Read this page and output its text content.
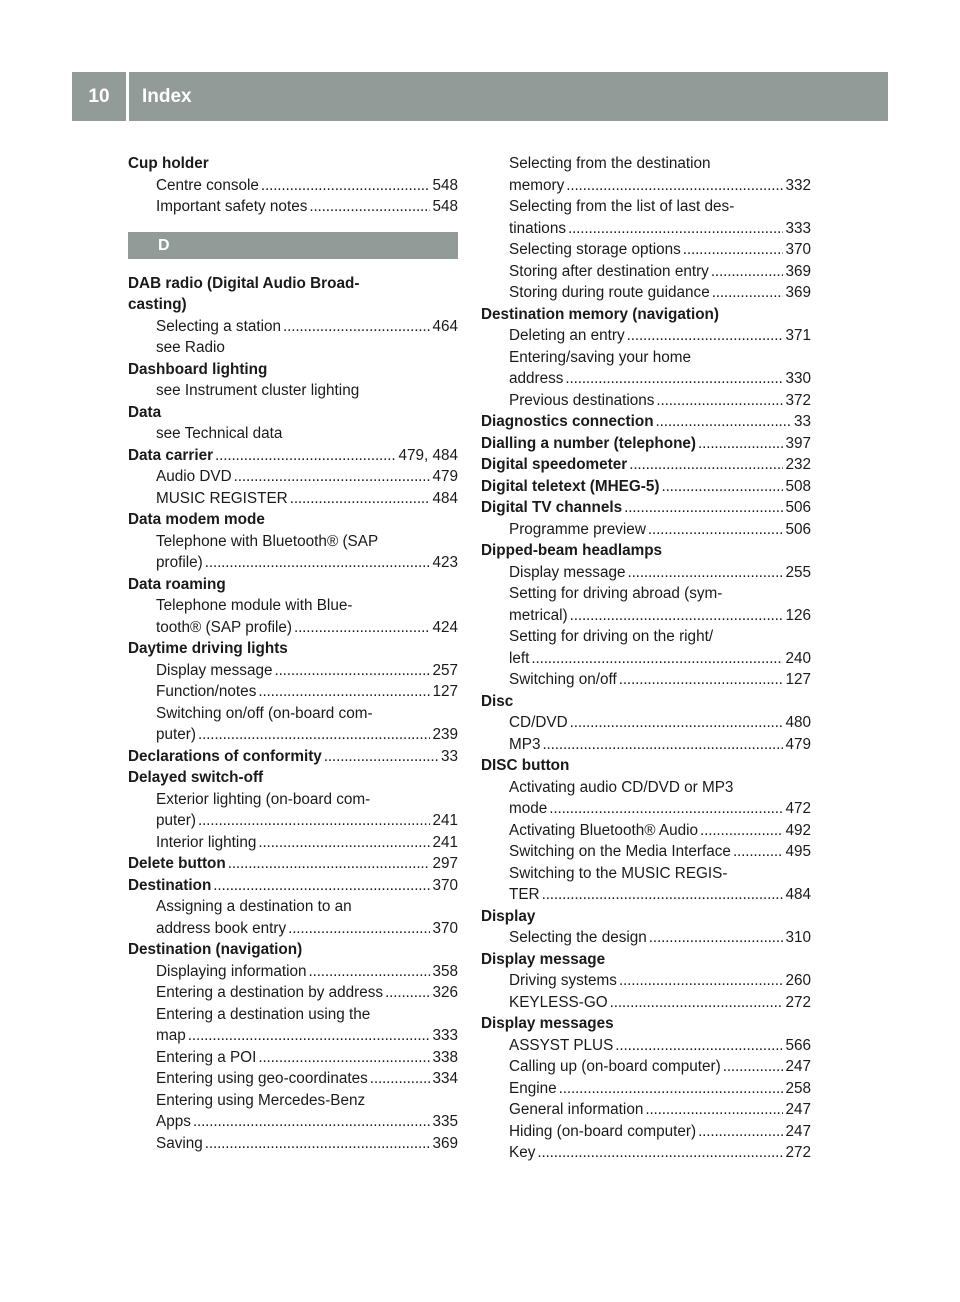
10	Index
Cup holder
Centre console . . .	548
Important safety notes . . .	548
D
DAB radio (Digital Audio Broad-
casting)
Selecting a station . . .	464
see Radio
Dashboard lighting
see Instrument cluster lighting
Data
see Technical data
Data carrier . . .	479, 484
Audio DVD . . .	479
MUSIC REGISTER . . .	484
Data modem mode
Telephone with Bluetooth® (SAP
profile) . . .	423
Data roaming
Telephone module with Blue-
tooth® (SAP profile) . . .	424
Daytime driving lights
Display message . . .	257
Function/notes . . .	127
Switching on/off (on-board com-
puter) . . .	239
Declarations of conformity . . .	33
Delayed switch-off
Exterior lighting (on-board com-
puter) . . .	241
Interior lighting . . .	241
Delete button . . .	297
Destination . . .	370
Assigning a destination to an
address book entry . . .	370
Destination (navigation)
Displaying information . . .	358
Entering a destination by address . . .	326
Entering a destination using the
map . . .	333
Entering a POI . . .	338
Entering using geo-coordinates . . .	334
Entering using Mercedes-Benz
Apps . . .	335
Saving . . .	369
Selecting from the destination
memory . . .	332
Selecting from the list of last des-
tinations . . .	333
Selecting storage options . . .	370
Storing after destination entry . . .	369
Storing during route guidance . . .	369
Destination memory (navigation)
Deleting an entry . . .	371
Entering/saving your home
address . . .	330
Previous destinations . . .	372
Diagnostics connection . . .	33
Dialling a number (telephone) . . .	397
Digital speedometer . . .	232
Digital teletext (MHEG-5) . . .	508
Digital TV channels . . .	506
Programme preview . . .	506
Dipped-beam headlamps
Display message . . .	255
Setting for driving abroad (sym-
metrical) . . .	126
Setting for driving on the right/
left . . .	240
Switching on/off . . .	127
Disc
CD/DVD . . .	480
MP3 . . .	479
DISC button
Activating audio CD/DVD or MP3
mode . . .	472
Activating Bluetooth® Audio . . .	492
Switching on the Media Interface . . .	495
Switching to the MUSIC REGIS-
TER . . .	484
Display
Selecting the design . . .	310
Display message
Driving systems . . .	260
KEYLESS-GO . . .	272
Display messages
ASSYST PLUS . . .	566
Calling up (on-board computer) . . .	247
Engine . . .	258
General information . . .	247
Hiding (on-board computer) . . .	247
Key . . .	272
